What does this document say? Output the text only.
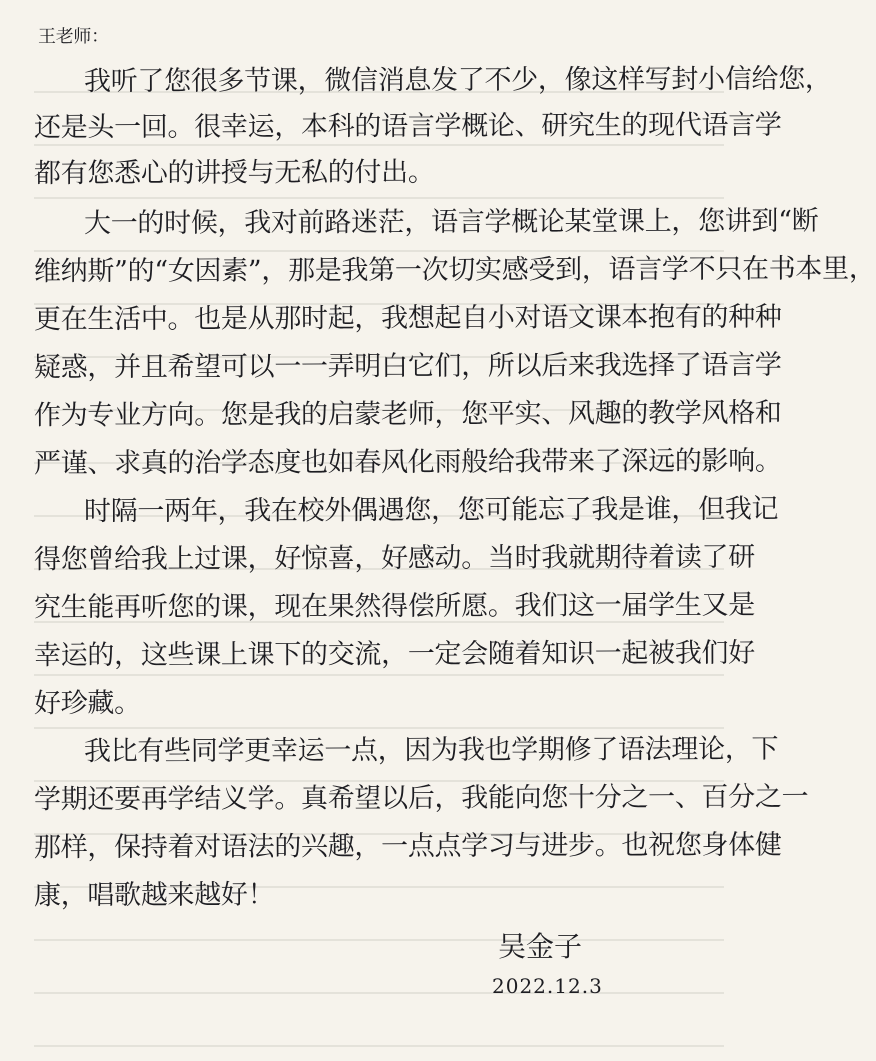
王老师：
我听了您很多节课，微信消息发了不少，像这样写封小信给您，
还是头一回。很幸运，本科的语言学概论、研究生的现代语言学
都有您悉心的讲授与无私的付出。
大一的时候，我对前路迷茫，语言学概论某堂课上，您讲到“断
维纳斯”的“女因素”，那是我第一次切实感受到，语言学不只在书本里，
更在生活中。也是从那时起，我想起自小对语文课本抱有的种种
疑惑，并且希望可以一一弄明白它们，所以后来我选择了语言学
作为专业方向。您是我的启蒙老师，您平实、风趣的教学风格和
严谨、求真的治学态度也如春风化雨般给我带来了深远的影响。
时隔一两年，我在校外偶遇您，您可能忘了我是谁，但我记
得您曾给我上过课，好惊喜，好感动。当时我就期待着读了研
究生能再听您的课，现在果然得偿所愿。我们这一届学生又是
幸运的，这些课上课下的交流，一定会随着知识一起被我们好
好珍藏。
我比有些同学更幸运一点，因为我也学期修了语法理论，下
学期还要再学结义学。真希望以后，我能向您十分之一、百分之一
那样，保持着对语法的兴趣，一点点学习与进步。也祝您身体健
康，唱歌越来越好！
吴金子
2022.12.3
